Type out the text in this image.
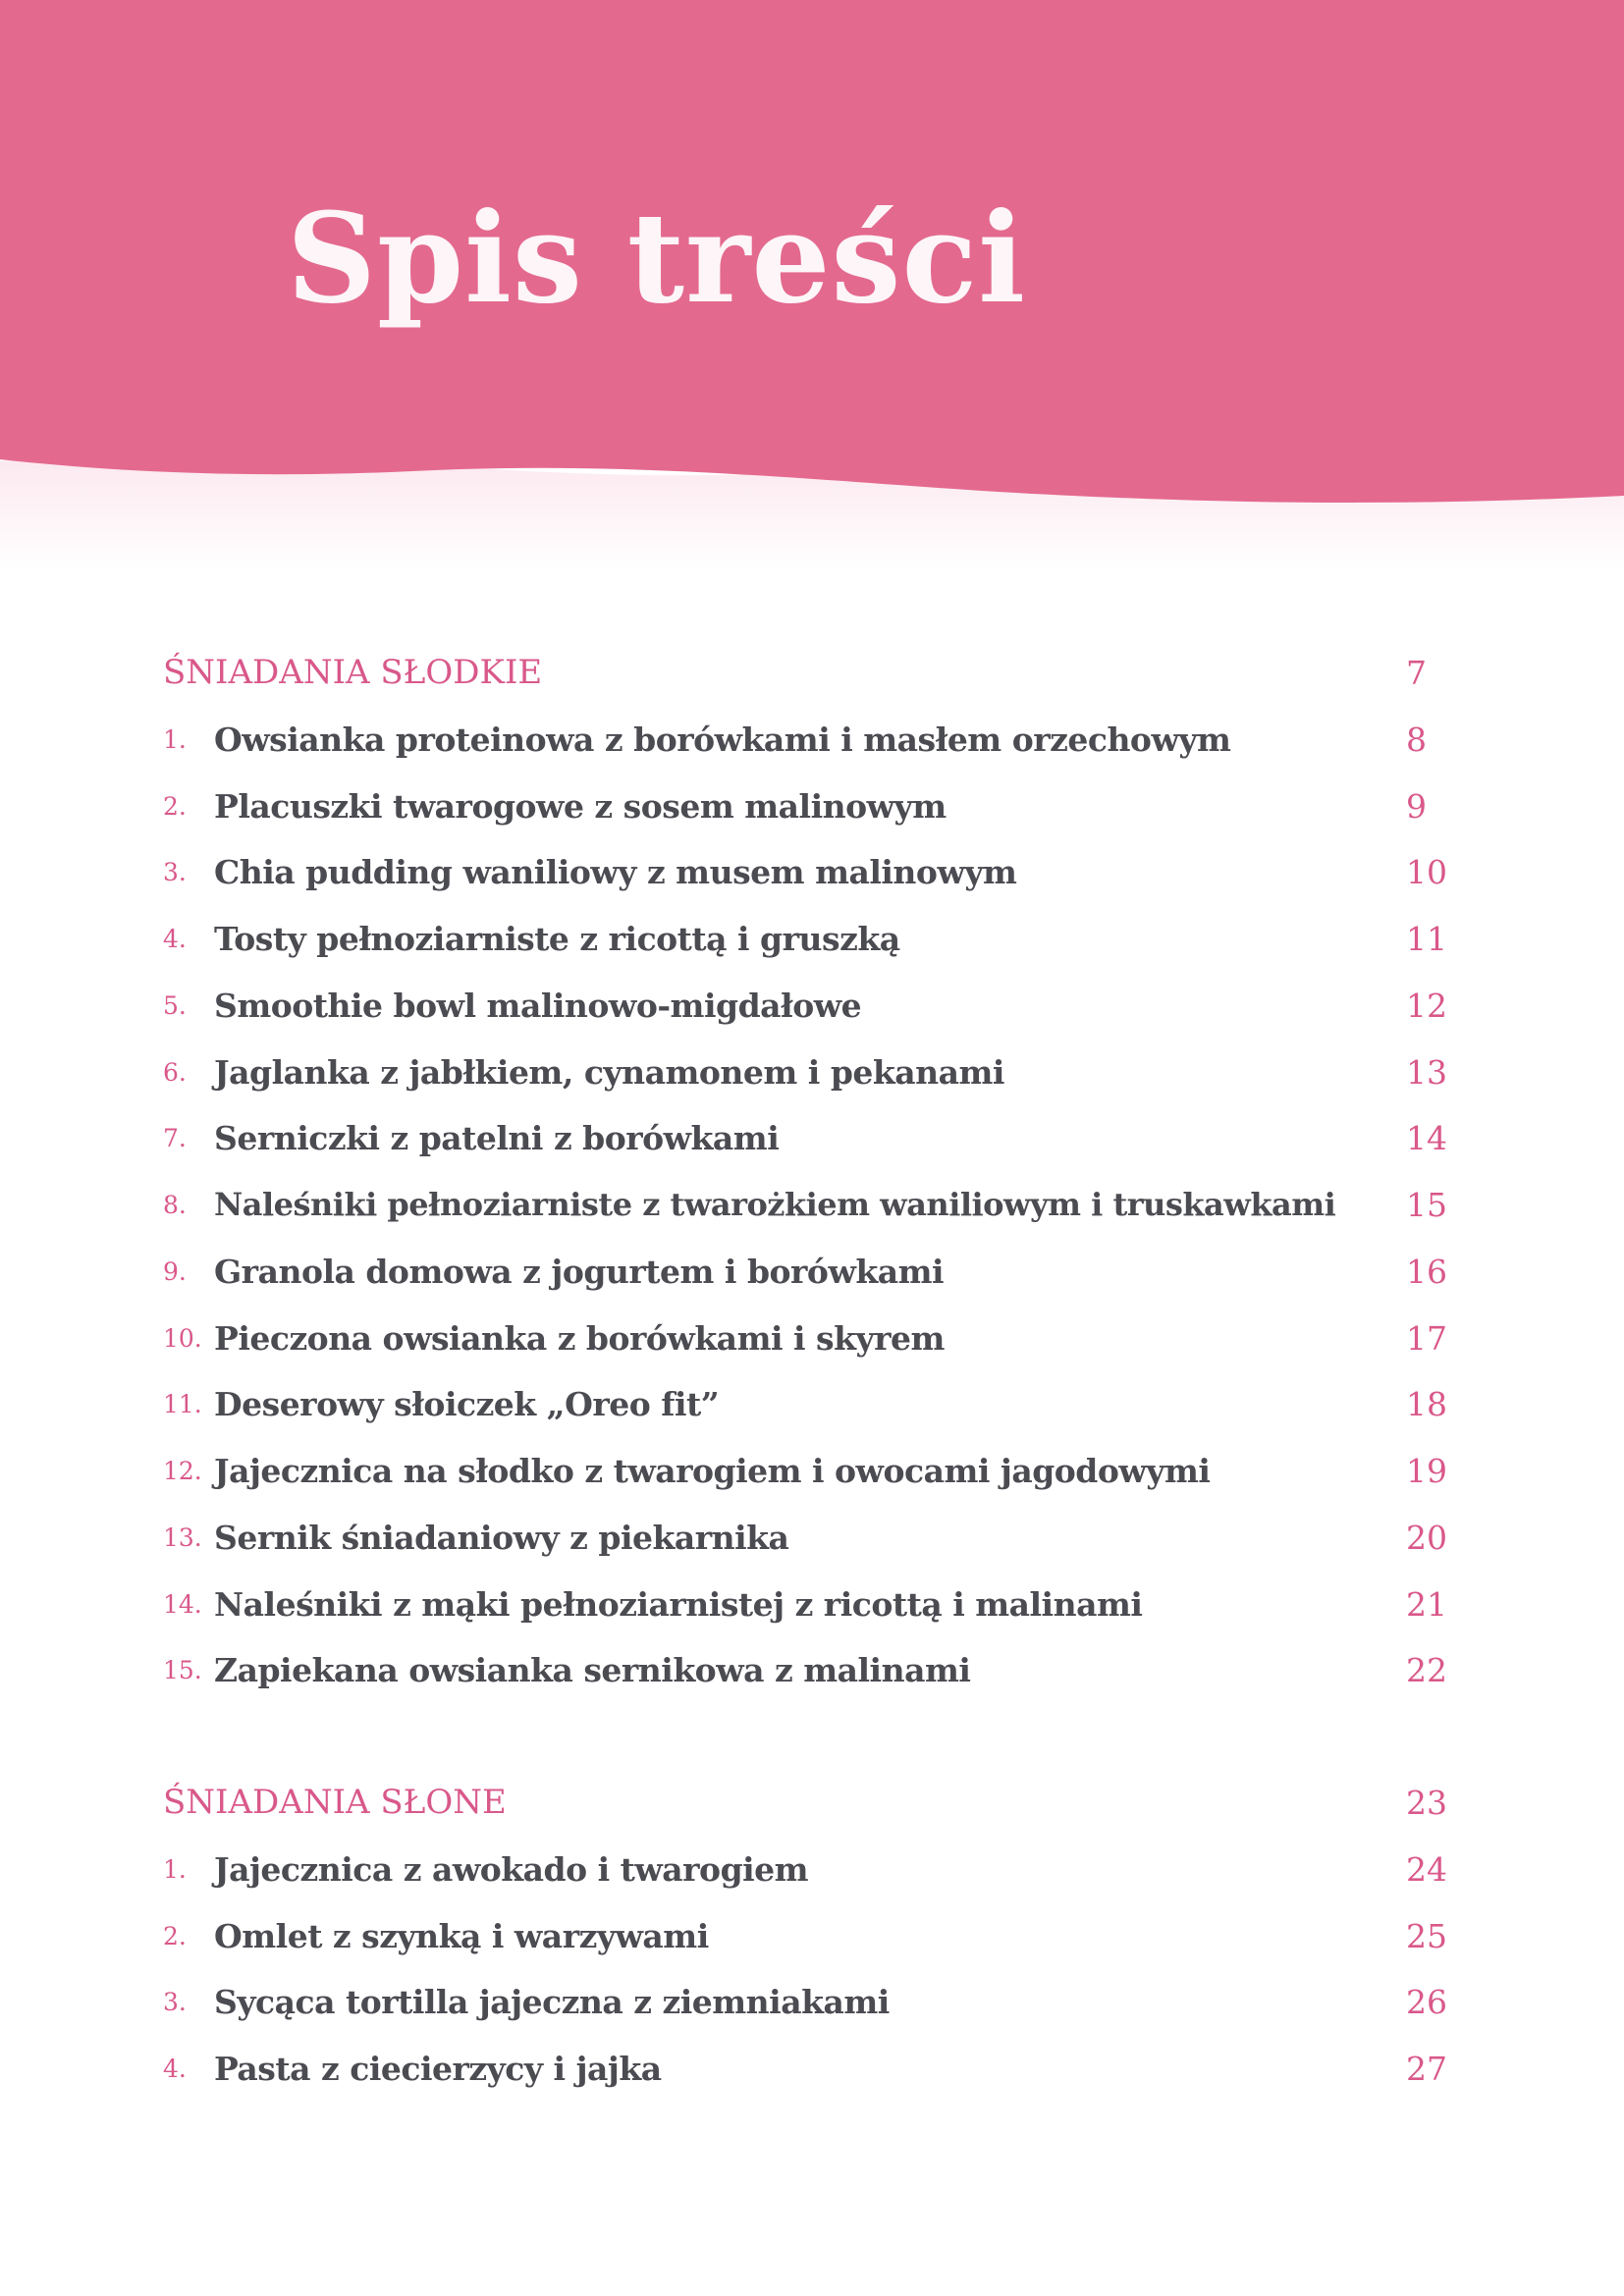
Spis treści
ŚNIADANIA SŁODKIE	7
1. Owsianka proteinowa z borówkami i masłem orzechowym	8
2. Placuszki twarogowe z sosem malinowym	9
3. Chia pudding waniliowy z musem malinowym	10
4. Tosty pełnoziarniste z ricottą i gruszką	11
5. Smoothie bowl malinowo-migdałowe	12
6. Jaglanka z jabłkiem, cynamonem i pekanami	13
7. Serniczki z patelni z borówkami	14
8. Naleśniki pełnoziarniste z twarożkiem waniliowym i truskawkami 15
9. Granola domowa z jogurtem i borówkami	16
10. Pieczona owsianka z borówkami i skyrem	17
11. Deserowy słoiczek „Oreo fit”	18
12. Jajecznica na słodko z twarogiem i owocami jagodowymi	19
13. Sernik śniadaniowy z piekarnika	20
14. Naleśniki z mąki pełnoziarnistej z ricottą i malinami	21
15. Zapiekana owsianka sernikowa z malinami	22
ŚNIADANIA SŁONE	23
1. Jajecznica z awokado i twarogiem	24
2. Omlet z szynką i warzywami	25
3. Sycąca tortilla jajeczna z ziemniakami	26
4. Pasta z ciecierzycy i jajka	27
